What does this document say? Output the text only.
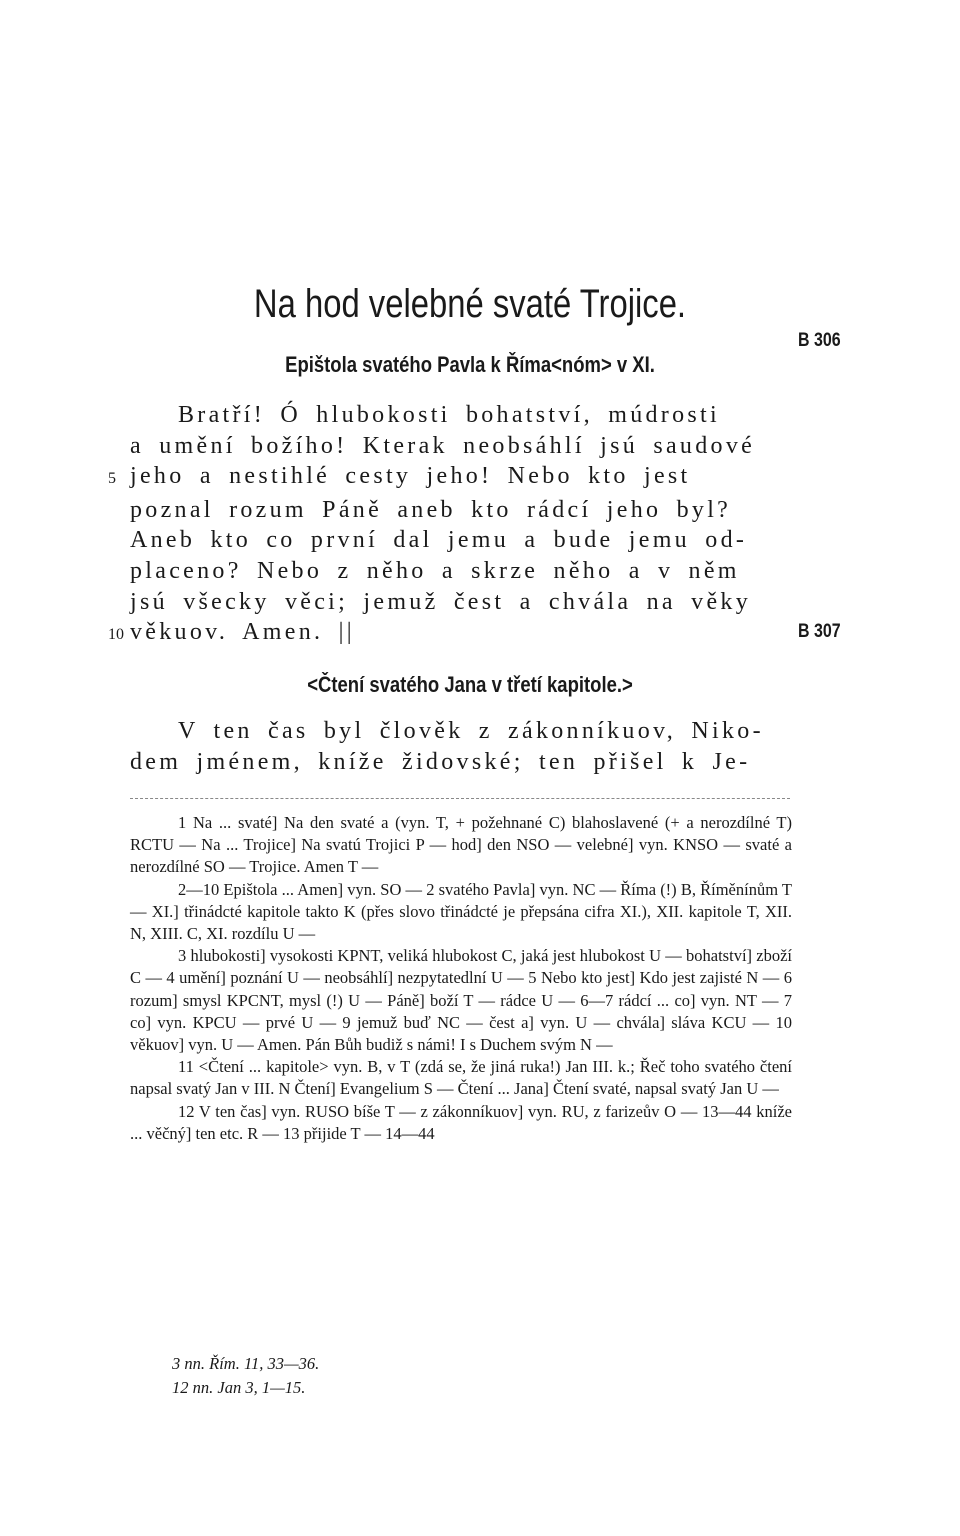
Na hod velebné svaté Trojice.
Epištola svatého Pavla k Říma<nóm> v XI.
B 306
B 307
Bratří! Ó hlubokosti bohatství, múdrosti
a umění božího! Kterak neobsáhlí jsú saudové
5 jeho a nestihlé cesty jeho! Nebo kto jest
poznal rozum Páně aneb kto rádcí jeho byl?
Aneb kto co první dal jemu a bude jemu od-
placeno? Nebo z něho a skrze něho a v něm
jsú všecky věci; jemuž čest a chvála na věky
10 věkuov. Amen. ||
<Čtení svatého Jana v třetí kapitole.>
V ten čas byl člověk z zákonníkuov, Niko-
dem jménem, kníže židovské; ten přišel k Je-

1 Na ... svaté] Na den svaté a (vyn. T, + požehnané C) blahoslavené (+ a nerozdílné T) RCTU — Na ... Trojice] Na svatú Trojici P — hod] den NSO — velebné] vyn. KNSO — svaté a nerozdílné SO — Trojice. Amen T —

2—10 Epištola ... Amen] vyn. SO — 2 svatého Pavla] vyn. NC — Říma (!) B, Říměnínům T — XI.] třinádcté kapitole takto K (přes slovo třinádcté je přepsána cifra XI.), XII. kapitole T, XII. N, XIII. C, XI. rozdílu U —

3 hlubokosti] vysokosti KPNT, veliká hlubokost C, jaká jest hlubokost U — bohatství] zboží C — 4 umění] poznání U — neobsáhlí] nezpytatedlní U — 5 Nebo kto jest] Kdo jest zajisté N — 6 rozum] smysl KPCNT, mysl (!) U — Páně] boží T — rádce U — 6—7 rádcí ... co] vyn. NT — 7 co] vyn. KPCU — prvé U — 9 jemuž buď NC — čest a] vyn. U — chvála] sláva KCU — 10 věkuov] vyn. U — Amen. Pán Bůh budiž s námi! I s Duchem svým N —

11 <Čtení ... kapitole> vyn. B, v T (zdá se, že jiná ruka!) Jan III. k.; Řeč toho svatého čtení napsal svatý Jan v III. N Čtení] Evangelium S — Čtení ... Jana] Čtení svaté, napsal svatý Jan U —

12 V ten čas] vyn. RUSO bíše T — z zákonníkuov] vyn. RU, z farizeův O — 13—44 kníže ... věčný] ten etc. R — 13 přijide T — 14—44

3 nn. Řím. 11, 33—36.
12 nn. Jan 3, 1—15.
